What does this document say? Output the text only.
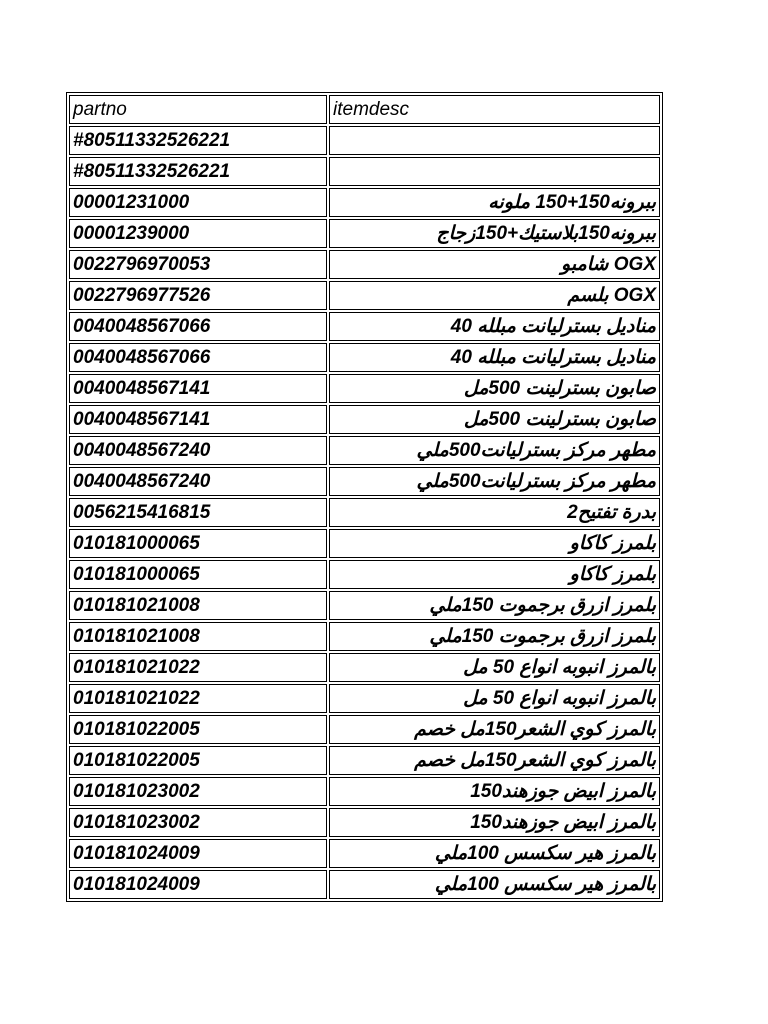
partno	itemdesc
#80511332526221	
#80511332526221	
00001231000	ببرونه150+150 ملونه
00001239000	ببرونه150بلاستيك+150زجاج
0022796970053	OGX شامبو
0022796977526	OGX بلسم
0040048567066	مناديل بسترليانت مبلله 40
0040048567066	مناديل بسترليانت مبلله 40
0040048567141	صابون بسترلينت 500مل
0040048567141	صابون بسترلينت 500مل
0040048567240	مطهر مركز بسترليانت500ملي
0040048567240	مطهر مركز بسترليانت500ملي
0056215416815	بدرة تفتيح2
010181000065	بلمرز كاكاو
010181000065	بلمرز كاكاو
010181021008	بلمرز ازرق برجموت 150ملي
010181021008	بلمرز ازرق برجموت 150ملي
010181021022	بالمرز انبوبه انواع 50 مل
010181021022	بالمرز انبوبه انواع 50 مل
010181022005	بالمرز كوي الشعر150مل خصم
010181022005	بالمرز كوي الشعر150مل خصم
010181023002	بالمرز ابيض جوزهند150
010181023002	بالمرز ابيض جوزهند150
010181024009	بالمرز هير سكسس 100ملي
010181024009	بالمرز هير سكسس 100ملي
